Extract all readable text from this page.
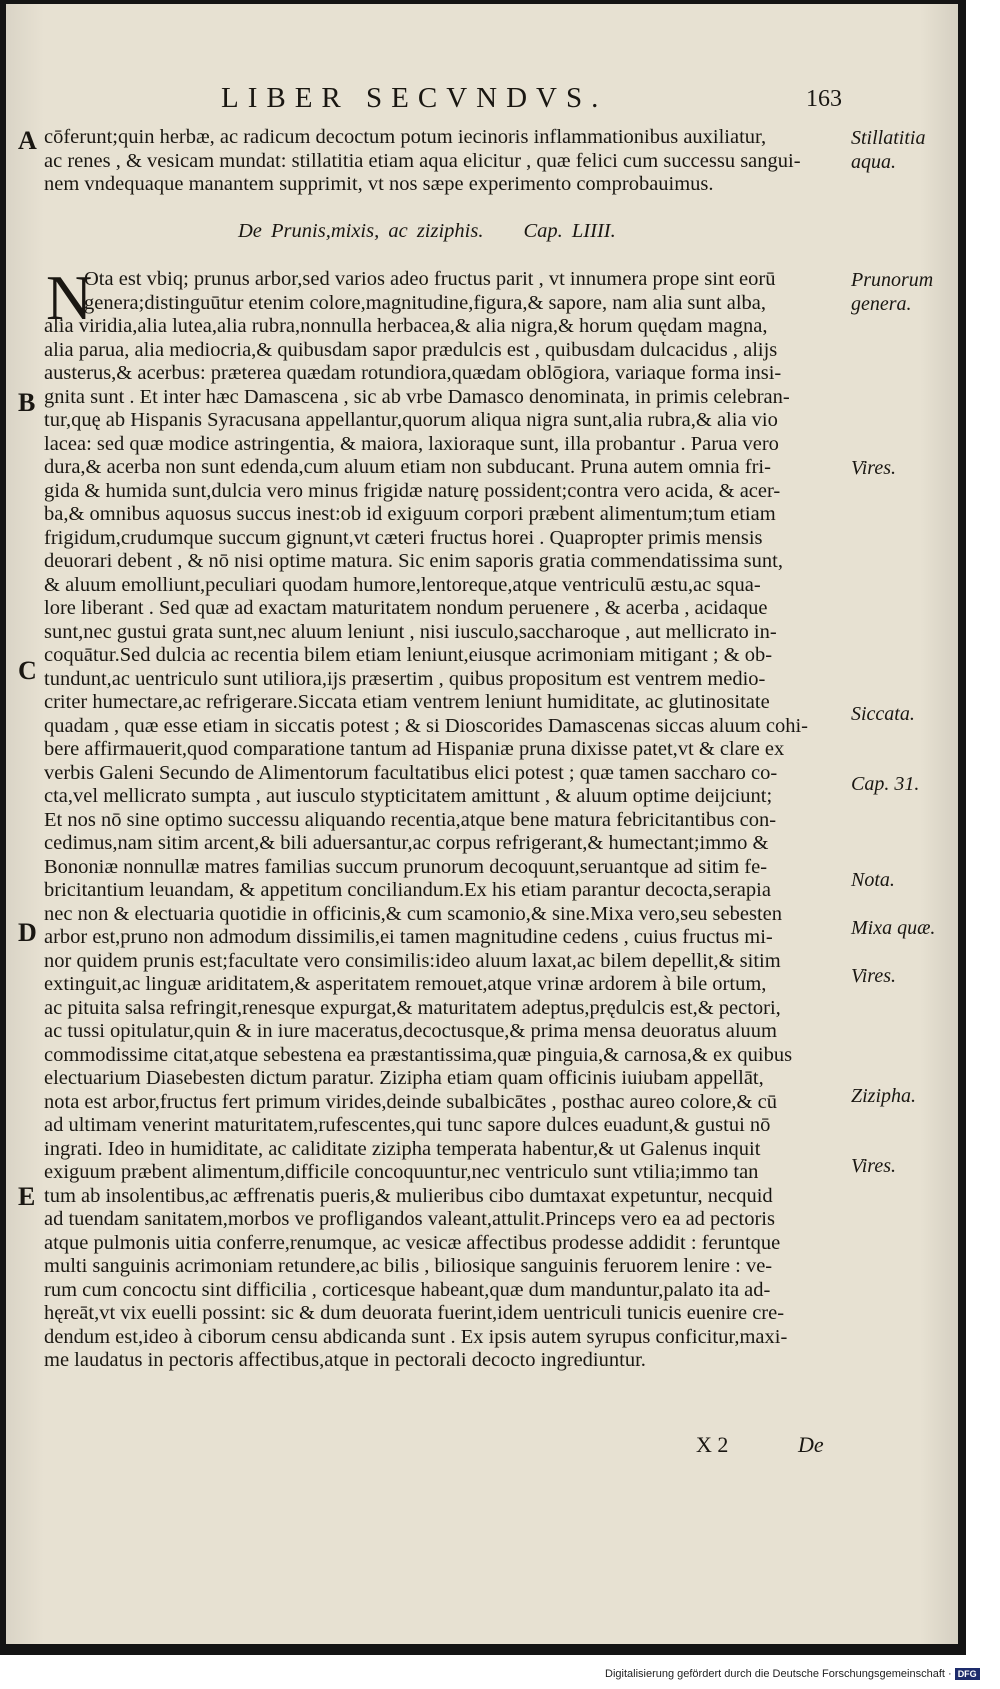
LIBER SECVNDVS.	163
A
B
C
D
E
cōferunt;quin herbæ, ac radicum decoctum potum iecinoris inflammationibus auxiliatur,
ac renes , & vesicam mundat: stillatitia etiam aqua elicitur , quæ felici cum successu sangui-
nem vndequaque manantem supprimit, vt nos sæpe experimento comprobauimus.
De Prunis,mixis, ac ziziphis. Cap. LIIII.
N
Ota est vbiq; prunus arbor,sed varios adeo fructus parit , vt innumera prope sint eorū
genera;distinguūtur etenim colore,magnitudine,figura,& sapore, nam alia sunt alba,
alia viridia,alia lutea,alia rubra,nonnulla herbacea,& alia nigra,& horum quędam magna,
alia parua, alia mediocria,& quibusdam sapor prædulcis est , quibusdam dulcacidus , alijs
austerus,& acerbus: præterea quædam rotundiora,quædam oblōgiora, variaque forma insi-
gnita sunt . Et inter hæc Damascena , sic ab vrbe Damasco denominata, in primis celebran-
tur,quę ab Hispanis Syracusana appellantur,quorum aliqua nigra sunt,alia rubra,& alia vio
lacea: sed quæ modice astringentia, & maiora, laxioraque sunt, illa probantur . Parua vero
dura,& acerba non sunt edenda,cum aluum etiam non subducant. Pruna autem omnia fri-
gida & humida sunt,dulcia vero minus frigidæ naturę possident;contra vero acida, & acer-
ba,& omnibus aquosus succus inest:ob id exiguum corpori præbent alimentum;tum etiam
frigidum,crudumque succum gignunt,vt cæteri fructus horei . Quapropter primis mensis
deuorari debent , & nō nisi optime matura. Sic enim saporis gratia commendatissima sunt,
& aluum emolliunt,peculiari quodam humore,lentoreque,atque ventriculū æstu,ac squa-
lore liberant . Sed quæ ad exactam maturitatem nondum peruenere , & acerba , acidaque
sunt,nec gustui grata sunt,nec aluum leniunt , nisi iusculo,saccharoque , aut mellicrato in-
coquātur.Sed dulcia ac recentia bilem etiam leniunt,eiusque acrimoniam mitigant ; & ob-
tundunt,ac uentriculo sunt utiliora,ijs præsertim , quibus propositum est ventrem medio-
criter humectare,ac refrigerare.Siccata etiam ventrem leniunt humiditate, ac glutinositate
quadam , quæ esse etiam in siccatis potest ; & si Dioscorides Damascenas siccas aluum cohi-
bere affirmauerit,quod comparatione tantum ad Hispaniæ pruna dixisse patet,vt & clare ex
verbis Galeni Secundo de Alimentorum facultatibus elici potest ; quæ tamen saccharo co-
cta,vel mellicrato sumpta , aut iusculo stypticitatem amittunt , & aluum optime deijciunt;
Et nos nō sine optimo successu aliquando recentia,atque bene matura febricitantibus con-
cedimus,nam sitim arcent,& bili aduersantur,ac corpus refrigerant,& humectant;immo &
Bononiæ nonnullæ matres familias succum prunorum decoquunt,seruantque ad sitim fe-
bricitantium leuandam, & appetitum conciliandum.Ex his etiam parantur decocta,serapia
nec non & electuaria quotidie in officinis,& cum scamonio,& sine.Mixa vero,seu sebesten
arbor est,pruno non admodum dissimilis,ei tamen magnitudine cedens , cuius fructus mi-
nor quidem prunis est;facultate vero consimilis:ideo aluum laxat,ac bilem depellit,& sitim
extinguit,ac linguæ ariditatem,& asperitatem remouet,atque vrinæ ardorem à bile ortum,
ac pituita salsa refringit,renesque expurgat,& maturitatem adeptus,prędulcis est,& pectori,
ac tussi opitulatur,quin & in iure maceratus,decoctusque,& prima mensa deuoratus aluum
commodissime citat,atque sebestena ea præstantissima,quæ pinguia,& carnosa,& ex quibus
electuarium Diasebesten dictum paratur. Zizipha etiam quam officinis iuiubam appellāt,
nota est arbor,fructus fert primum virides,deinde subalbicātes , posthac aureo colore,& cū
ad ultimam venerint maturitatem,rufescentes,qui tunc sapore dulces euadunt,& gustui nō
ingrati. Ideo in humiditate, ac caliditate zizipha temperata habentur,& ut Galenus inquit
exiguum præbent alimentum,difficile concoquuntur,nec ventriculo sunt vtilia;immo tan
tum ab insolentibus,ac æffrenatis pueris,& mulieribus cibo dumtaxat expetuntur, necquid
ad tuendam sanitatem,morbos ve profligandos valeant,attulit.Princeps vero ea ad pectoris
atque pulmonis uitia conferre,renumque, ac vesicæ affectibus prodesse addidit : feruntque
multi sanguinis acrimoniam retundere,ac bilis , biliosique sanguinis feruorem lenire : ve-
rum cum concoctu sint difficilia , corticesque habeant,quæ dum manduntur,palato ita ad-
hęreāt,vt vix euelli possint: sic & dum deuorata fuerint,idem uentriculi tunicis euenire cre-
dendum est,ideo à ciborum censu abdicanda sunt . Ex ipsis autem syrupus conficitur,maxi-
me laudatus in pectoris affectibus,atque in pectorali decocto ingrediuntur.
Stillatitia
aqua.
Prunorum
genera.
Vires.
Siccata.
Cap. 31.
Nota.
Mixa quæ.
Vires.
Zizipha.
Vires.
X 2	De
Digitalisierung gefördert durch die Deutsche Forschungsgemeinschaft · DFG
